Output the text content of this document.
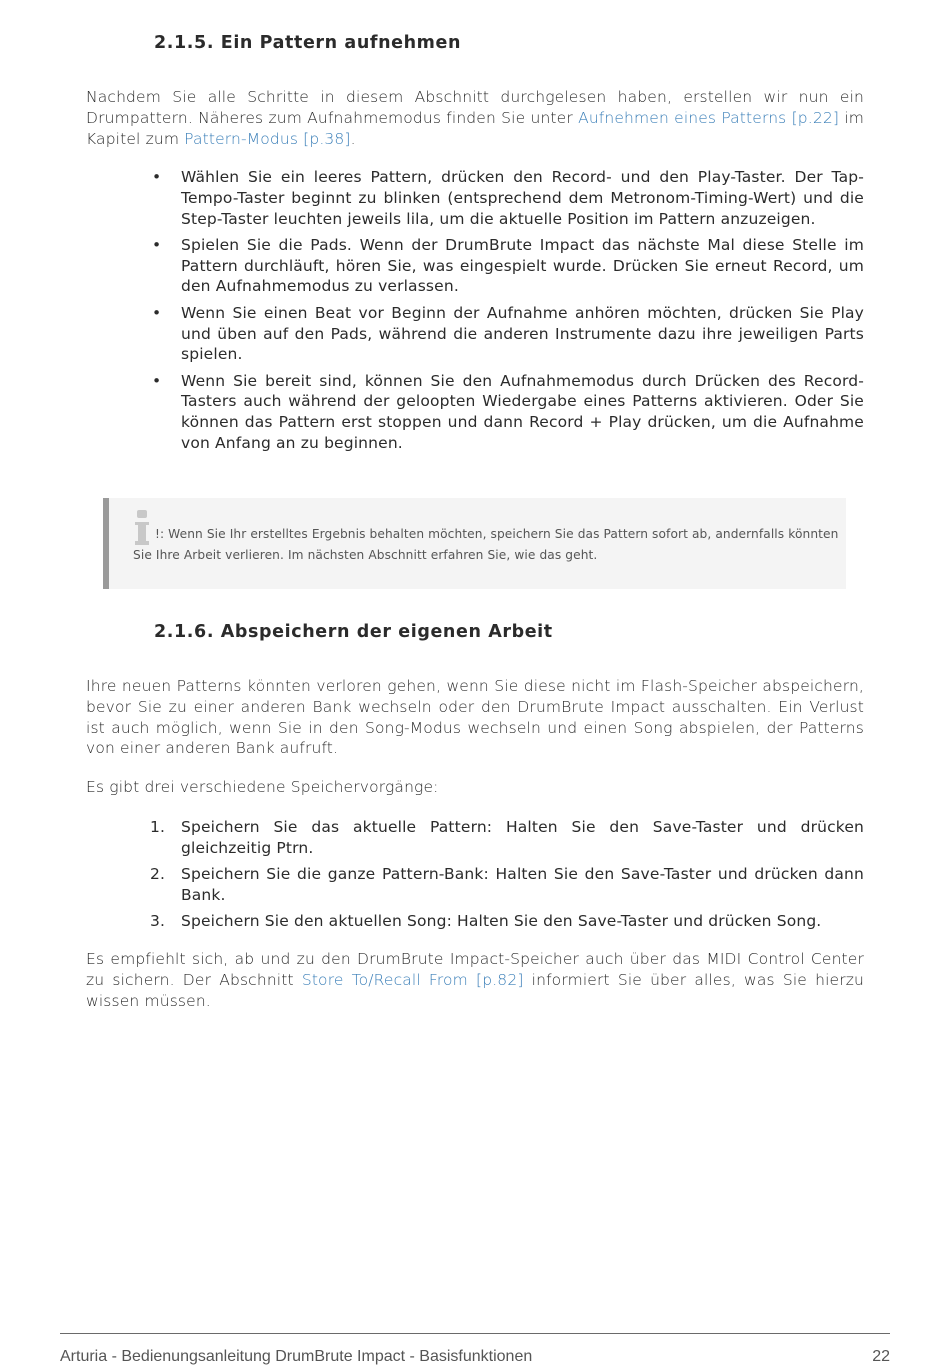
2.1.5. Ein Pattern aufnehmen

Nachdem Sie alle Schritte in diesem Abschnitt durchgelesen haben, erstellen wir nun ein Drumpattern. Näheres zum Aufnahmemodus finden Sie unter Aufnehmen eines Patterns [p.22] im Kapitel zum Pattern-Modus [p.38].

• Wählen Sie ein leeres Pattern, drücken den Record- und den Play-Taster. Der Tap-Tempo-Taster beginnt zu blinken (entsprechend dem Metronom-Timing-Wert) und die Step-Taster leuchten jeweils lila, um die aktuelle Position im Pattern anzuzeigen.
• Spielen Sie die Pads. Wenn der DrumBrute Impact das nächste Mal diese Stelle im Pattern durchläuft, hören Sie, was eingespielt wurde. Drücken Sie erneut Record, um den Aufnahmemodus zu verlassen.
• Wenn Sie einen Beat vor Beginn der Aufnahme anhören möchten, drücken Sie Play und üben auf den Pads, während die anderen Instrumente dazu ihre jeweiligen Parts spielen.
• Wenn Sie bereit sind, können Sie den Aufnahmemodus durch Drücken des Record-Tasters auch während der geloopten Wiedergabe eines Patterns aktivieren. Oder Sie können das Pattern erst stoppen und dann Record + Play drücken, um die Aufnahme von Anfang an zu beginnen.
!: Wenn Sie Ihr erstelltes Ergebnis behalten möchten, speichern Sie das Pattern sofort ab, andernfalls könnten Sie Ihre Arbeit verlieren. Im nächsten Abschnitt erfahren Sie, wie das geht.
2.1.6. Abspeichern der eigenen Arbeit

Ihre neuen Patterns könnten verloren gehen, wenn Sie diese nicht im Flash-Speicher abspeichern, bevor Sie zu einer anderen Bank wechseln oder den DrumBrute Impact ausschalten. Ein Verlust ist auch möglich, wenn Sie in den Song-Modus wechseln und einen Song abspielen, der Patterns von einer anderen Bank aufruft.

Es gibt drei verschiedene Speichervorgänge:

1.	Speichern Sie das aktuelle Pattern: Halten Sie den Save-Taster und drücken gleichzeitig Ptrn.
2.	Speichern Sie die ganze Pattern-Bank: Halten Sie den Save-Taster und drücken dann Bank.
3.	Speichern Sie den aktuellen Song: Halten Sie den Save-Taster und drücken Song.

Es empfiehlt sich, ab und zu den DrumBrute Impact-Speicher auch über das MIDI Control Center zu sichern. Der Abschnitt Store To/Recall From [p.82] informiert Sie über alles, was Sie hierzu wissen müssen.

Arturia - Bedienungsanleitung DrumBrute Impact - Basisfunktionen	22
